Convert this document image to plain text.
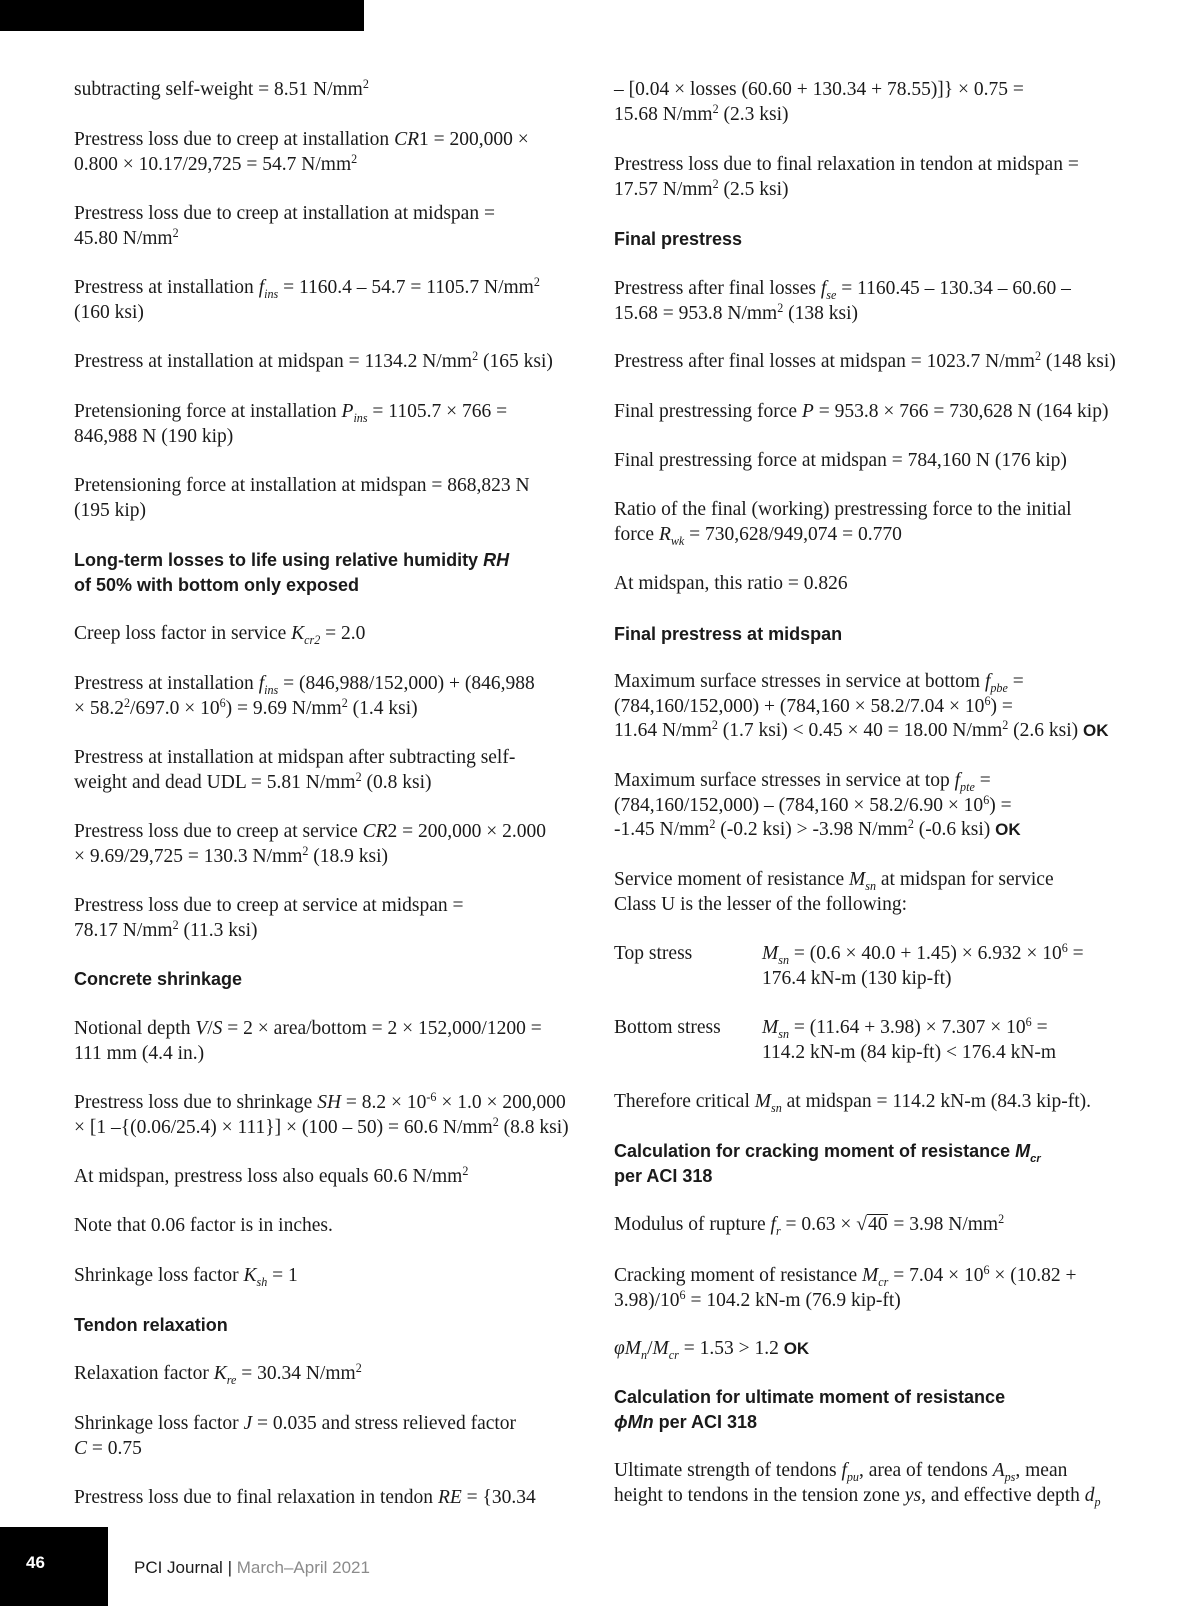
subtracting self-weight = 8.51 $N/mm^2$
Prestress loss due to creep at installation CR1 = 200,000 ×
0.800 × 10.17/29,725 = 54.7 $N/mm^2$
Prestress loss due to creep at installation at midspan =
45.80 $N/mm^2$
Prestress at installation $f_{ins} = 1160.4 - 54.7 = 1105.7$ $N/mm^2$
(160 ksi)
Prestress at installation at midspan = 1134.2 $N/mm^2$ (165 ksi)
Pretensioning force at installation $P_{ins} = 1105.7 \times 766$ =
846,988 N (190 kip)
Pretensioning force at installation at midspan = 868,823 N
(195 kip)
Long-term losses to life using relative humidity RH
of 50% with bottom only exposed
Creep loss factor in service $K_{cr2} = 2.0$
Prestress at installation $f_{ins} = (846,988/152,000) + (846,988$
× $58.2^2/697.0 \times 10^6) = 9.69$ $N/mm^2$ (1.4 ksi)
Prestress at installation at midspan after subtracting self-
weight and dead UDL = 5.81 $N/mm^2$ (0.8 ksi)
Prestress loss due to creep at service CR2 = 200,000 × 2.000
× 9.69/29,725 = 130.3 $N/mm^2$ (18.9 ksi)
Prestress loss due to creep at service at midspan =
78.17 $N/mm^2$ (11.3 ksi)
Concrete shrinkage
Notional depth V/S = 2 × area/bottom = 2 × 152,000/1200 =
111 mm (4.4 in.)
Prestress loss due to shrinkage SH = $8.2 \times 10^{-6} \times 1.0 \times 200,000$
× [1 –{(0.06/25.4) × 111}] × (100 – 50) = 60.6 $N/mm^2$ (8.8 ksi)
At midspan, prestress loss also equals 60.6 $N/mm^2$
Note that 0.06 factor is in inches.
Shrinkage loss factor $K_{sh} = 1$
Tendon relaxation
Relaxation factor $K_{re} = 30.34$ $N/mm^2$
Shrinkage loss factor J = 0.035 and stress relieved factor
C = 0.75
Prestress loss due to final relaxation in tendon RE = {30.34
– [0.04 × losses (60.60 + 130.34 + 78.55)]} × 0.75 =
15.68 $N/mm^2$ (2.3 ksi)
Prestress loss due to final relaxation in tendon at midspan =
17.57 $N/mm^2$ (2.5 ksi)
Final prestress
Prestress after final losses $f_{se} = 1160.45 - 130.34 - 60.60$ –
15.68 = 953.8 $N/mm^2$ (138 ksi)
Prestress after final losses at midspan = 1023.7 $N/mm^2$ (148 ksi)
Final prestressing force P = 953.8 × 766 = 730,628 N (164 kip)
Final prestressing force at midspan = 784,160 N (176 kip)
Ratio of the final (working) prestressing force to the initial
force $R_{wk} = 730,628/949,074 = 0.770$
At midspan, this ratio = 0.826
Final prestress at midspan
Maximum surface stresses in service at bottom $f_{pbe}$ =
$(784,160/152,000) + (784,160 \times 58.2/7.04 \times 10^6)$ =
11.64 $N/mm^2$ (1.7 ksi) < 0.45 × 40 = 18.00 $N/mm^2$ (2.6 ksi) OK
Maximum surface stresses in service at top $f_{pte}$ =
$(784,160/152,000) - (784,160 \times 58.2/6.90 \times 10^6)$ =
-1.45 $N/mm^2$ (-0.2 ksi) > -3.98 $N/mm^2$ (-0.6 ksi) OK
Service moment of resistance $M_{sn}$ at midspan for service
Class U is the lesser of the following:
Top stress	$M_{sn} = (0.6 \times 40.0 + 1.45) \times 6.932 \times 10^6$ =
176.4 kN-m (130 kip-ft)
Bottom stress $M_{sn} = (11.64 + 3.98) \times 7.307 \times 10^6$ =
114.2 kN-m (84 kip-ft) < 176.4 kN-m
Therefore critical $M_{sn}$ at midspan = 114.2 kN-m (84.3 kip-ft).
Calculation for cracking moment of resistance $M_{cr}$
per ACI 318
Modulus of rupture $f_r = 0.63 \times √40 = 3.98$ $N/mm^2$
Cracking moment of resistance $M_{cr} = 7.04 \times 10^6 \times (10.82$ +
$3.98)/10^6 = 104.2$ kN-m (76.9 kip-ft)
$\varphi M_n/M_{cr} = 1.53 > 1.2$ OK
Calculation for ultimate moment of resistance
ϕMn per ACI 318
Ultimate strength of tendons $f_{pu}$, area of tendons $A_{ps}$, mean
height to tendons in the tension zone ys, and effective depth $d_p$
46	PCI Journal | March–April 2021
